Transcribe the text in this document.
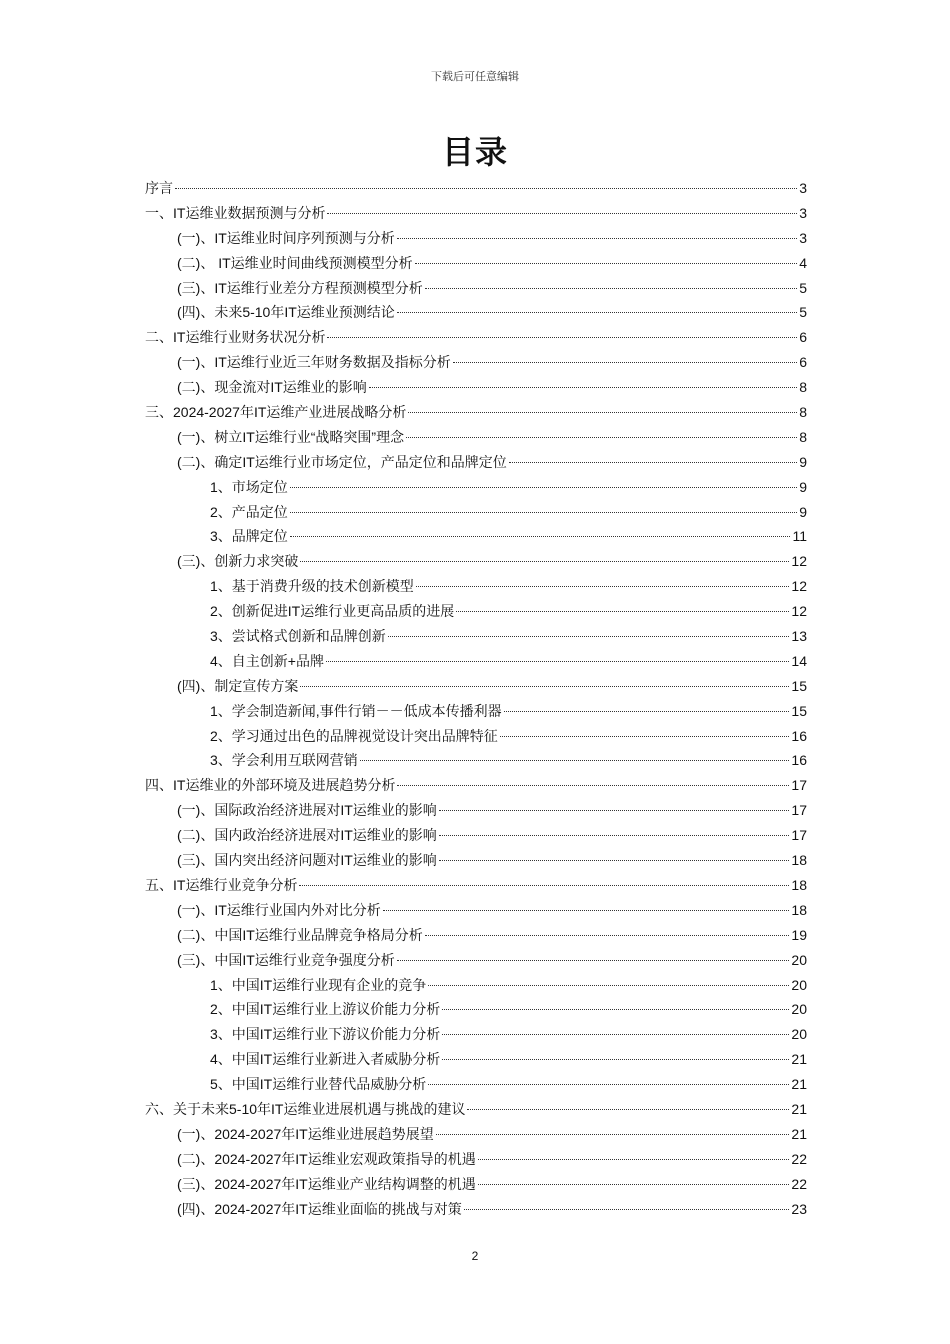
下载后可任意编辑
目录
序言	3
一、IT运维业数据预测与分析	3
(一)、IT运维业时间序列预测与分析	3
(二)、 IT运维业时间曲线预测模型分析	4
(三)、IT运维行业差分方程预测模型分析	5
(四)、未来5-10年IT运维业预测结论	5
二、IT运维行业财务状况分析	6
(一)、IT运维行业近三年财务数据及指标分析	6
(二)、现金流对IT运维业的影响	8
三、2024-2027年IT运维产业进展战略分析	8
(一)、树立IT运维行业“战略突围”理念	8
(二)、确定IT运维行业市场定位，产品定位和品牌定位	9
1、市场定位	9
2、产品定位	9
3、品牌定位	11
(三)、创新力求突破	12
1、基于消费升级的技术创新模型	12
2、创新促进IT运维行业更高品质的进展	12
3、尝试格式创新和品牌创新	13
4、自主创新+品牌	14
(四)、制定宣传方案	15
1、学会制造新闻,事件行销－－低成本传播利器	15
2、学习通过出色的品牌视觉设计突出品牌特征	16
3、学会利用互联网营销	16
四、IT运维业的外部环境及进展趋势分析	17
(一)、国际政治经济进展对IT运维业的影响	17
(二)、国内政治经济进展对IT运维业的影响	17
(三)、国内突出经济问题对IT运维业的影响	18
五、IT运维行业竞争分析	18
(一)、IT运维行业国内外对比分析	18
(二)、中国IT运维行业品牌竞争格局分析	19
(三)、中国IT运维行业竞争强度分析	20
1、中国IT运维行业现有企业的竞争	20
2、中国IT运维行业上游议价能力分析	20
3、中国IT运维行业下游议价能力分析	20
4、中国IT运维行业新进入者威胁分析	21
5、中国IT运维行业替代品威胁分析	21
六、关于未来5-10年IT运维业进展机遇与挑战的建议	21
(一)、2024-2027年IT运维业进展趋势展望	21
(二)、2024-2027年IT运维业宏观政策指导的机遇	22
(三)、2024-2027年IT运维业产业结构调整的机遇	22
(四)、2024-2027年IT运维业面临的挑战与对策	23
2
